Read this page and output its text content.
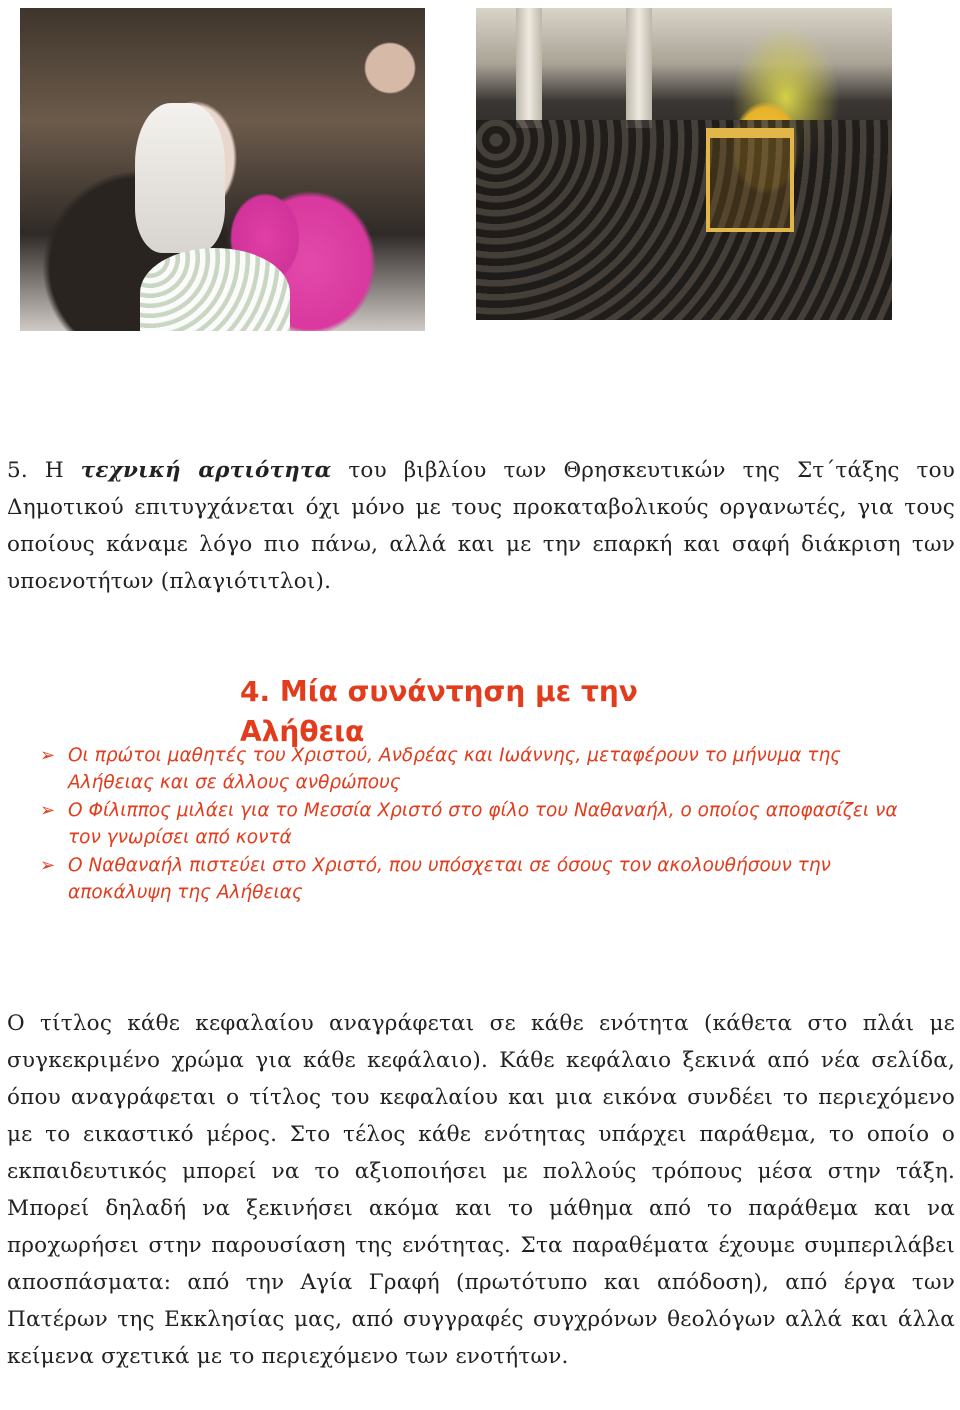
5. Η τεχνική αρτιότητα του βιβλίου των Θρησκευτικών της Στ΄τάξης του Δημοτικού επιτυγχάνεται όχι μόνο με τους προκαταβολικούς οργανωτές, για τους οποίους κάναμε λόγο πιο πάνω, αλλά και με την επαρκή και σαφή διάκριση των υποενοτήτων (πλαγιότιτλοι).

4. Μία συνάντηση με την Αλήθεια
➢ Οι πρώτοι μαθητές του Χριστού, Ανδρέας και Ιωάννης, μεταφέρουν το μήνυμα της Αλήθειας και σε άλλους ανθρώπους
➢ Ο Φίλιππος μιλάει για το Μεσσία Χριστό στο φίλο του Ναθαναήλ, ο οποίος αποφασίζει να τον γνωρίσει από κοντά
➢ Ο Ναθαναήλ πιστεύει στο Χριστό, που υπόσχεται σε όσους τον ακολουθήσουν την αποκάλυψη της Αλήθειας

Ο τίτλος κάθε κεφαλαίου αναγράφεται σε κάθε ενότητα (κάθετα στο πλάι με συγκεκριμένο χρώμα για κάθε κεφάλαιο). Κάθε κεφάλαιο ξεκινά από νέα σελίδα, όπου αναγράφεται ο τίτλος του κεφαλαίου και μια εικόνα συνδέει το περιεχόμενο με το εικαστικό μέρος. Στο τέλος κάθε ενότητας υπάρχει παράθεμα, το οποίο ο εκπαιδευτικός μπορεί να το αξιοποιήσει με πολλούς τρόπους μέσα στην τάξη. Μπορεί δηλαδή να ξεκινήσει ακόμα και το μάθημα από το παράθεμα και να προχωρήσει στην παρουσίαση της ενότητας. Στα παραθέματα έχουμε συμπεριλάβει αποσπάσματα: από την Αγία Γραφή (πρωτότυπο και απόδοση), από έργα των Πατέρων της Εκκλησίας μας, από συγγραφές συγχρόνων θεολόγων αλλά και άλλα κείμενα σχετικά με το περιεχόμενο των ενοτήτων.
